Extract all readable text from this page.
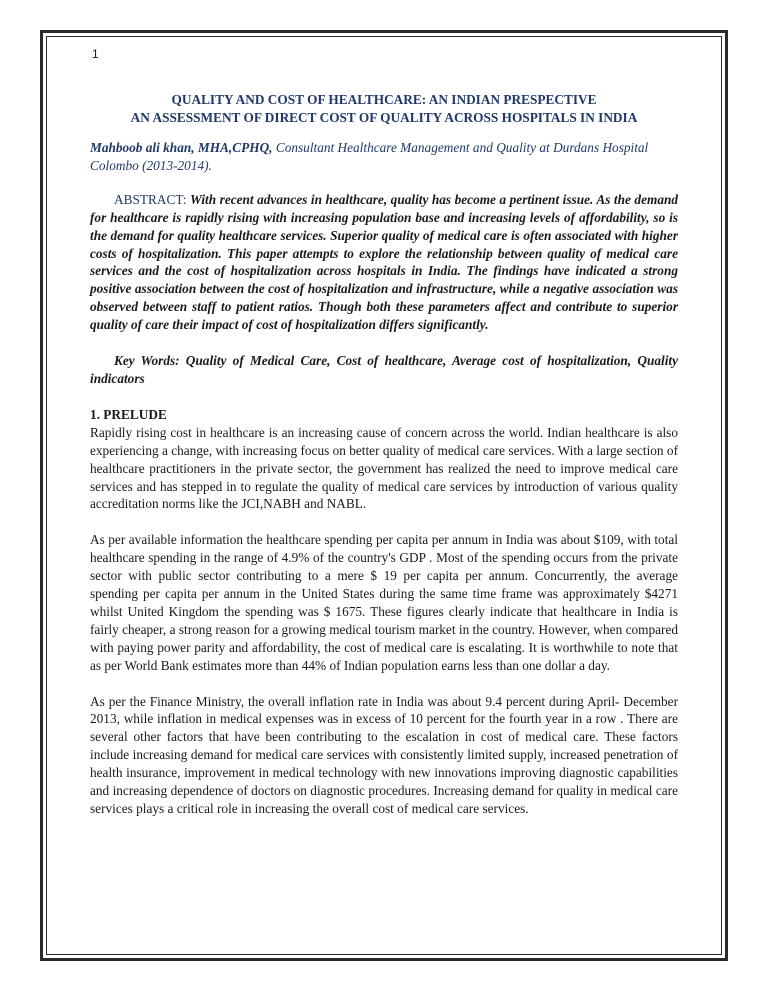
1

QUALITY AND COST OF HEALTHCARE: AN INDIAN PRESPECTIVE

AN ASSESSMENT OF DIRECT COST OF QUALITY ACROSS HOSPITALS IN INDIA

Mahboob ali khan, MHA,CPHQ, Consultant Healthcare Management and Quality at Durdans Hospital Colombo (2013-2014).

ABSTRACT: With recent advances in healthcare, quality has become a pertinent issue. As the demand for healthcare is rapidly rising with increasing population base and increasing levels of affordability, so is the demand for quality healthcare services. Superior quality of medical care is often associated with higher costs of hospitalization. This paper attempts to explore the relationship between quality of medical care services and the cost of hospitalization across hospitals in India. The findings have indicated a strong positive association between the cost of hospitalization and infrastructure, while a negative association was observed between staff to patient ratios. Though both these parameters affect and contribute to superior quality of care their impact of cost of hospitalization differs significantly.

Key Words: Quality of Medical Care, Cost of healthcare, Average cost of hospitalization, Quality indicators

1. PRELUDE

Rapidly rising cost in healthcare is an increasing cause of concern across the world. Indian healthcare is also experiencing a change, with increasing focus on better quality of medical care services. With a large section of healthcare practitioners in the private sector, the government has realized the need to improve medical care services and has stepped in to regulate the quality of medical care services by introduction of various quality accreditation norms like the JCI,NABH and NABL.

As per available information the healthcare spending per capita per annum in India was about $109, with total healthcare spending in the range of 4.9% of the country's GDP . Most of the spending occurs from the private sector with public sector contributing to a mere $ 19 per capita per annum. Concurrently, the average spending per capita per annum in the United States during the same time frame was approximately $4271 whilst United Kingdom the spending was $ 1675. These figures clearly indicate that healthcare in India is fairly cheaper, a strong reason for a growing medical tourism market in the country. However, when compared with paying power parity and affordability, the cost of medical care is escalating. It is worthwhile to note that as per World Bank estimates more than 44% of Indian population earns less than one dollar a day.

As per the Finance Ministry, the overall inflation rate in India was about 9.4 percent during April- December 2013, while inflation in medical expenses was in excess of 10 percent for the fourth year in a row . There are several other factors that have been contributing to the escalation in cost of medical care. These factors include increasing demand for medical care services with consistently limited supply, increased penetration of health insurance, improvement in medical technology with new innovations improving diagnostic capabilities and increasing dependence of doctors on diagnostic procedures. Increasing demand for quality in medical care services plays a critical role in increasing the overall cost of medical care services.
